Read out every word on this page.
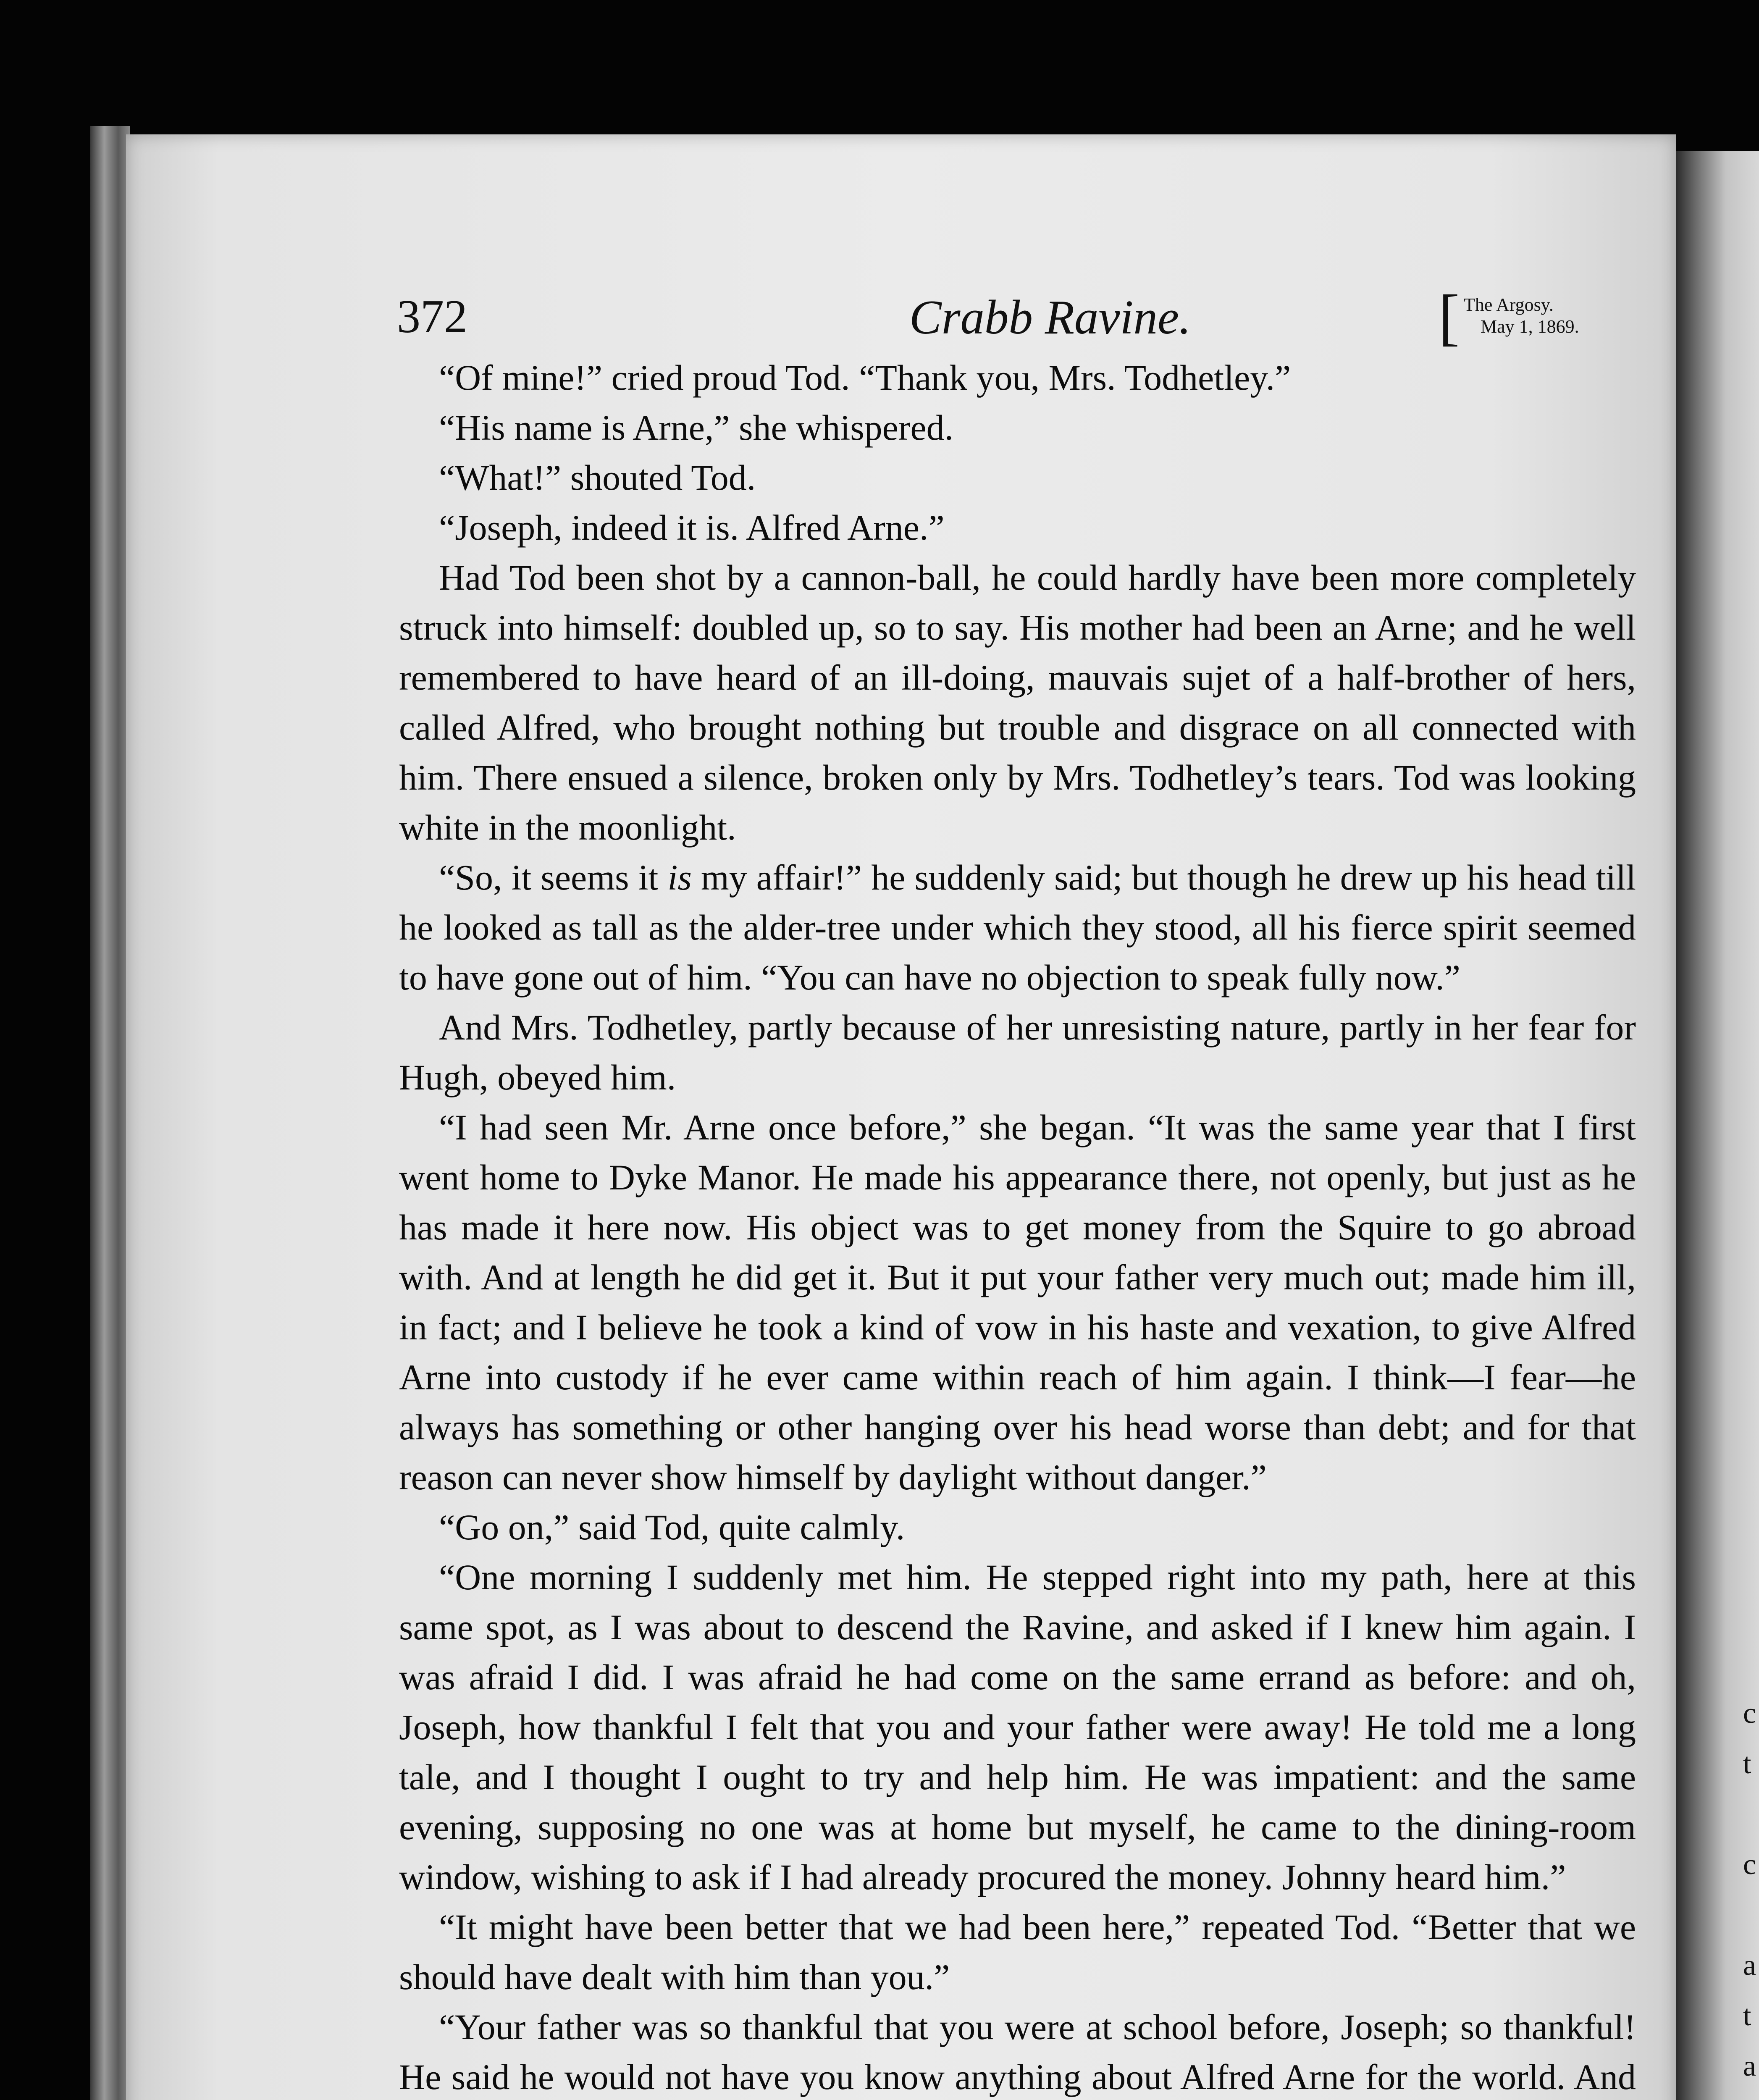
c
t

c

a
t
a
372	Crabb Ravine.	[ The Argosy.
May 1, 1869.

“Of mine!” cried proud Tod. “Thank you, Mrs. Todhetley.”

“His name is Arne,” she whispered.

“What!” shouted Tod.

“Joseph, indeed it is. Alfred Arne.”

Had Tod been shot by a cannon-ball, he could hardly have been more completely struck into himself: doubled up, so to say. His mother had been an Arne; and he well remembered to have heard of an ill-doing, mauvais sujet of a half-brother of hers, called Alfred, who brought nothing but trouble and disgrace on all connected with him. There ensued a silence, broken only by Mrs. Todhetley’s tears. Tod was looking white in the moonlight.

“So, it seems it is my affair!” he suddenly said; but though he drew up his head till he looked as tall as the alder-tree under which they stood, all his fierce spirit seemed to have gone out of him. “You can have no objection to speak fully now.”

And Mrs. Todhetley, partly because of her unresisting nature, partly in her fear for Hugh, obeyed him.

“I had seen Mr. Arne once before,” she began. “It was the same year that I first went home to Dyke Manor. He made his appearance there, not openly, but just as he has made it here now. His object was to get money from the Squire to go abroad with. And at length he did get it. But it put your father very much out; made him ill, in fact; and I believe he took a kind of vow in his haste and vexation, to give Alfred Arne into custody if he ever came within reach of him again. I think—I fear—he always has something or other hanging over his head worse than debt; and for that reason can never show himself by daylight without danger.”

“Go on,” said Tod, quite calmly.

“One morning I suddenly met him. He stepped right into my path, here at this same spot, as I was about to descend the Ravine, and asked if I knew him again. I was afraid I did. I was afraid he had come on the same errand as before: and oh, Joseph, how thankful I felt that you and your father were away! He told me a long tale, and I thought I ought to try and help him. He was impatient: and the same evening, supposing no one was at home but myself, he came to the dining-room window, wishing to ask if I had already procured the money. Johnny heard him.”

“It might have been better that we had been here,” repeated Tod. “Better that we should have dealt with him than you.”

“Your father was so thankful that you were at school before, Joseph; so thankful! He said he would not have you know anything about Alfred Arne for the world. And
